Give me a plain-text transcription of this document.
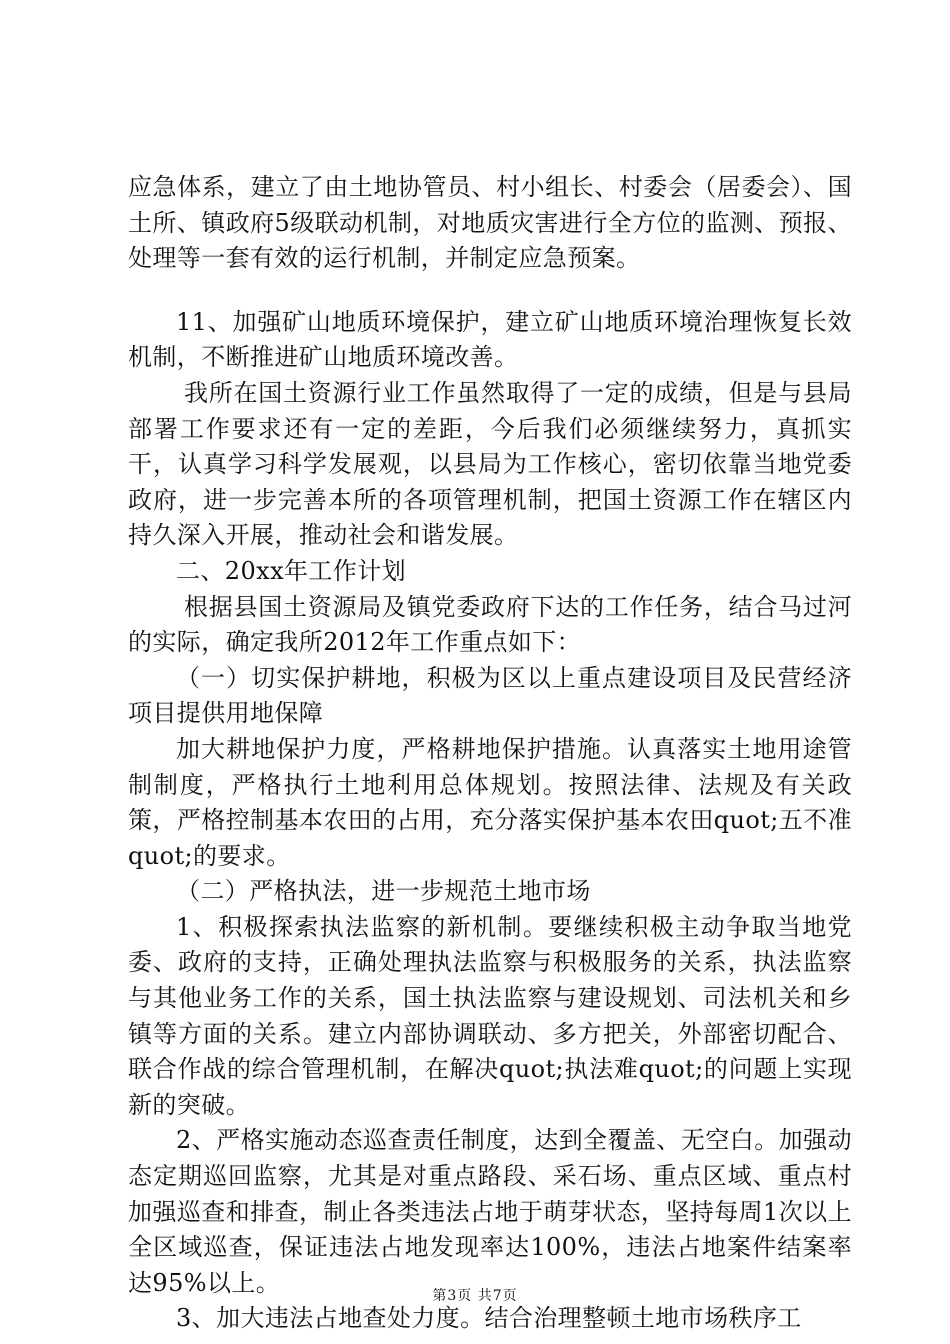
应急体系，建立了由土地协管员、村小组长、村委会（居委会）、国土所、镇政府5级联动机制，对地质灾害进行全方位的监测、预报、处理等一套有效的运行机制，并制定应急预案。

11、加强矿山地质环境保护，建立矿山地质环境治理恢复长效机制，不断推进矿山地质环境改善。

我所在国土资源行业工作虽然取得了一定的成绩，但是与县局部署工作要求还有一定的差距，今后我们必须继续努力，真抓实干，认真学习科学发展观，以县局为工作核心，密切依靠当地党委政府，进一步完善本所的各项管理机制，把国土资源工作在辖区内持久深入开展，推动社会和谐发展。

二、20xx年工作计划

根据县国土资源局及镇党委政府下达的工作任务，结合马过河的实际，确定我所2012年工作重点如下：

（一）切实保护耕地，积极为区以上重点建设项目及民营经济项目提供用地保障

加大耕地保护力度，严格耕地保护措施。认真落实土地用途管制制度，严格执行土地利用总体规划。按照法律、法规及有关政策，严格控制基本农田的占用，充分落实保护基本农田quot;五不准quot;的要求。

（二）严格执法，进一步规范土地市场

1、积极探索执法监察的新机制。要继续积极主动争取当地党委、政府的支持，正确处理执法监察与积极服务的关系，执法监察与其他业务工作的关系，国土执法监察与建设规划、司法机关和乡镇等方面的关系。建立内部协调联动、多方把关，外部密切配合、联合作战的综合管理机制，在解决quot;执法难quot;的问题上实现新的突破。

2、严格实施动态巡查责任制度，达到全覆盖、无空白。加强动态定期巡回监察，尤其是对重点路段、采石场、重点区域、重点村加强巡查和排查，制止各类违法占地于萌芽状态，坚持每周1次以上全区域巡查，保证违法占地发现率达100%，违法占地案件结案率达95%以上。

3、加大违法占地查处力度。结合治理整顿土地市场秩序工

第3页 共7页
